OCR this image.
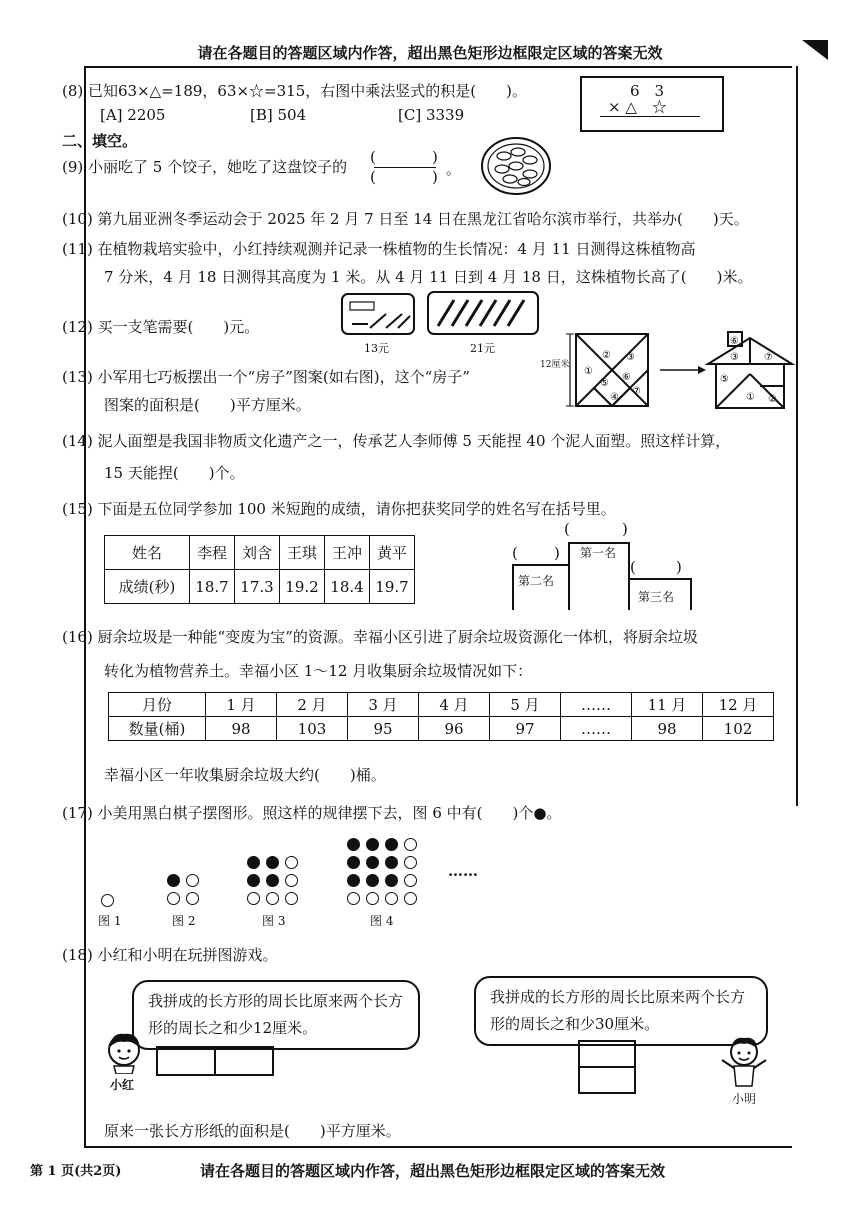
请在各题目的答题区域内作答，超出黑色矩形边框限定区域的答案无效
(8) 已知63×△=189，63×☆=315，右图中乘法竖式的积是(　　)。
[A] 2205	[B] 504	[C] 3339
6　3
× △　☆
二、填空。
(9) 小丽吃了 5 个饺子，她吃了这盘饺子的
(	)
(	) 。
(10) 第九届亚洲冬季运动会于 2025 年 2 月 7 日至 14 日在黑龙江省哈尔滨市举行，共举办(　　)天。
(11) 在植物栽培实验中，小红持续观测并记录一株植物的生长情况：4 月 11 日测得这株植物高
7 分米，4 月 18 日测得其高度为 1 米。从 4 月 11 日到 4 月 18 日，这株植物长高了(　　)米。
(12) 买一支笔需要(　　)元。
13元	21元
(13) 小军用七巧板摆出一个“房子”图案(如右图)，这个“房子”
图案的面积是(　　)平方厘米。
12厘米
⑥
③	⑦
⑤
① ②
② ③
①
⑤
⑥
⑦
④
(14) 泥人面塑是我国非物质文化遗产之一，传承艺人李师傅 5 天能捏 40 个泥人面塑。照这样计算，
15 天能捏(　　)个。
(15) 下面是五位同学参加 100 米短跑的成绩，请你把获奖同学的姓名写在括号里。
姓名	李程	刘含	王琪	王冲	黄平
成绩(秒)	18.7	17.3	19.2	18.4	19.7
第一名
第二名
第三名
(	)
( )
(	)
(16) 厨余垃圾是一种能“变废为宝”的资源。幸福小区引进了厨余垃圾资源化一体机，将厨余垃圾
转化为植物营养土。幸福小区 1～12 月收集厨余垃圾情况如下：
月份	1 月	2 月	3 月	4 月	5 月	……	11 月	12 月
数量(桶)	98	103	95	96	97	……	98	102
幸福小区一年收集厨余垃圾大约(　　)桶。
(17) 小美用黑白棋子摆图形。照这样的规律摆下去，图 6 中有(　　)个●。
……
图 1	图 2	图 3	图 4
(18) 小红和小明在玩拼图游戏。
我拼成的长方形的周长比原来两个长方形的周长之和少12厘米。
我拼成的长方形的周长比原来两个长方形的周长之和少30厘米。
小红
小明
原来一张长方形纸的面积是(　　)平方厘米。
第 1 页(共2页)	请在各题目的答题区域内作答，超出黑色矩形边框限定区域的答案无效
